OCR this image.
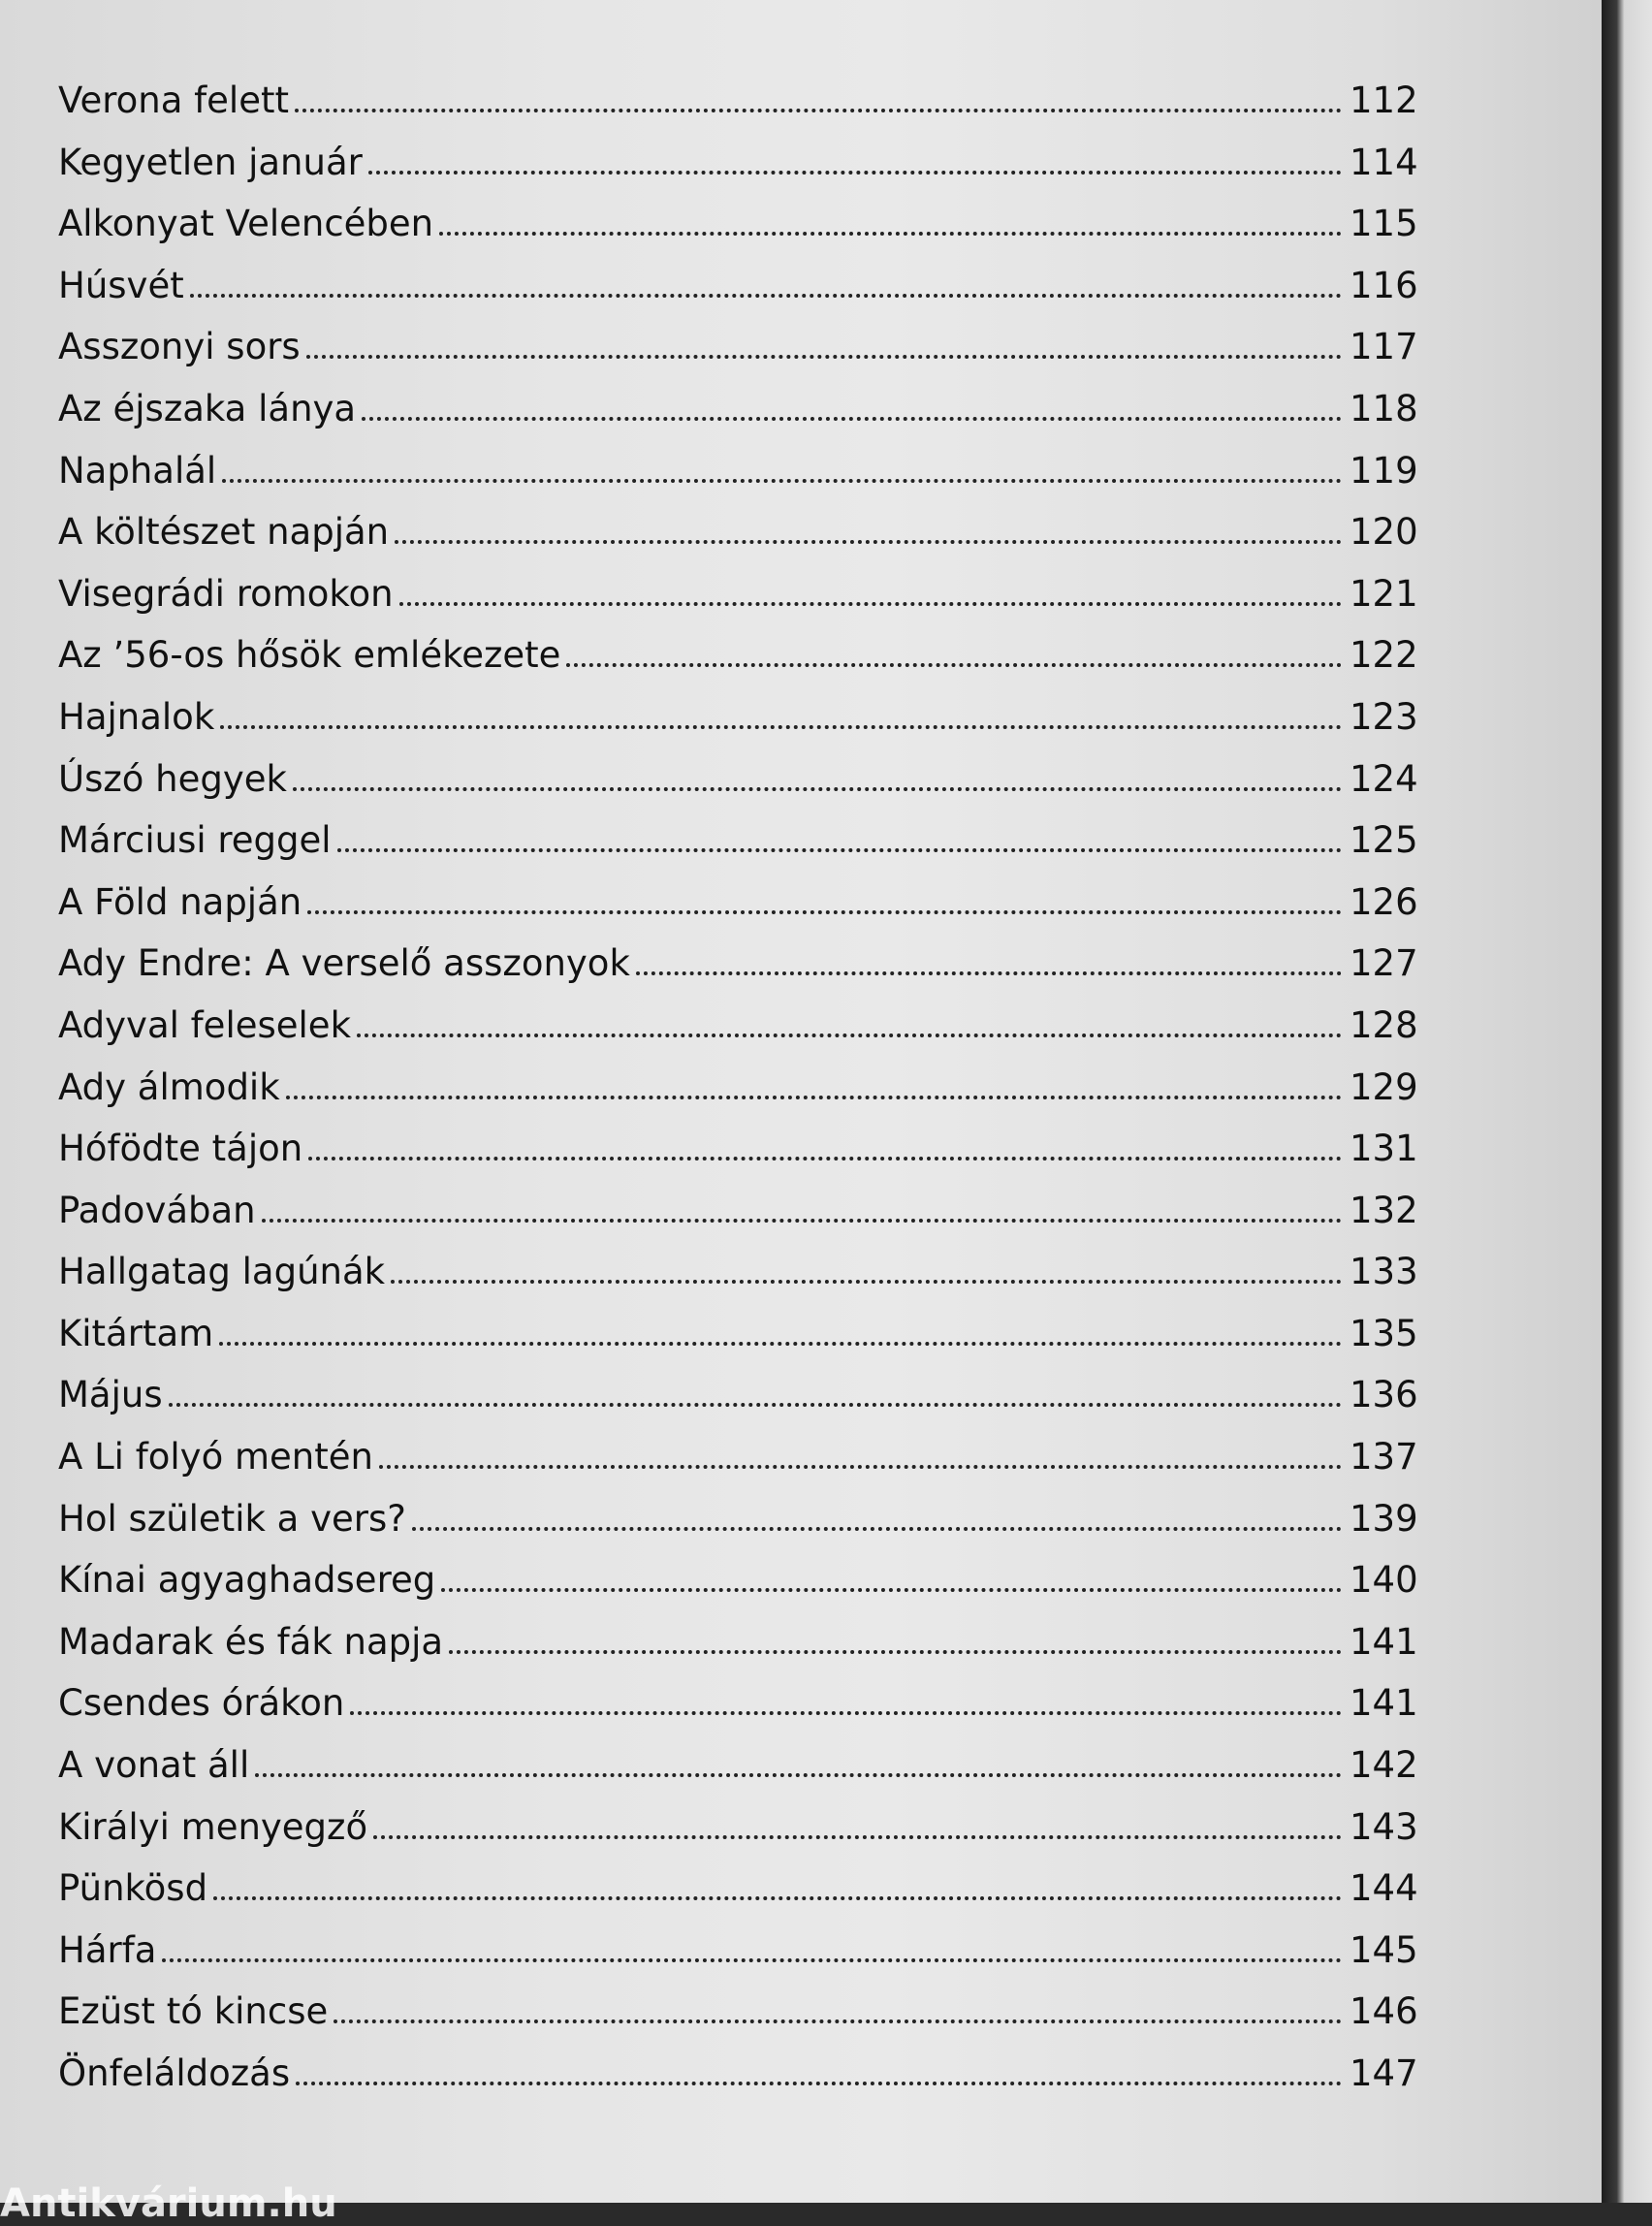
Verona felett	112
Kegyetlen január	114
Alkonyat Velencében	115
Húsvét	116
Asszonyi sors	117
Az éjszaka lánya	118
Naphalál	119
A költészet napján	120
Visegrádi romokon	121
Az ’56-os hősök emlékezete	122
Hajnalok	123
Úszó hegyek	124
Márciusi reggel	125
A Föld napján	126
Ady Endre: A verselő asszonyok	127
Adyval feleselek	128
Ady álmodik	129
Hófödte tájon	131
Padovában	132
Hallgatag lagúnák	133
Kitártam	135
Május	136
A Li folyó mentén	137
Hol születik a vers?	139
Kínai agyaghadsereg	140
Madarak és fák napja	141
Csendes órákon	141
A vonat áll	142
Királyi menyegző	143
Pünkösd	144
Hárfa	145
Ezüst tó kincse	146
Önfeláldozás	147
Antikvárium.hu
